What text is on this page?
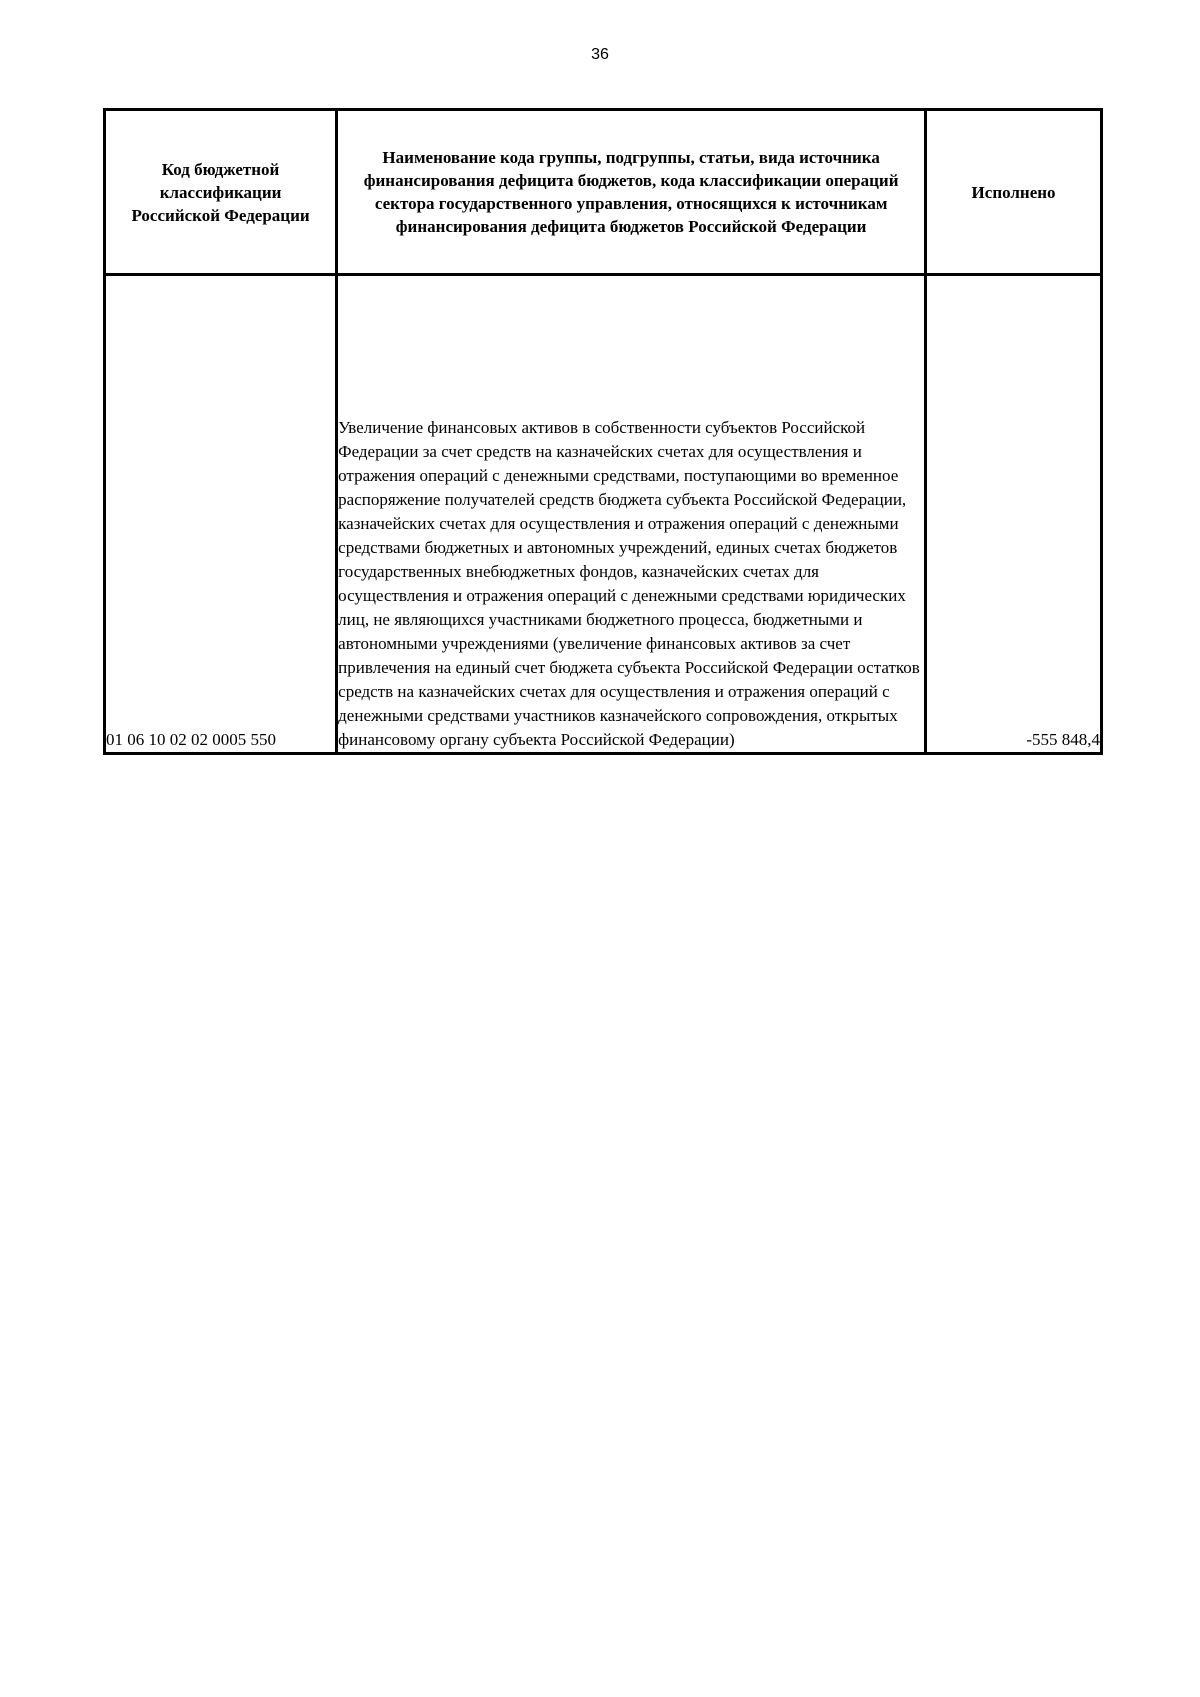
36
Код бюджетной классификации Российской Федерации	Наименование кода группы, подгруппы, статьи, вида источника финансирования дефицита бюджетов, кода классификации операций сектора государственного управления, относящихся к источникам финансирования дефицита бюджетов Российской Федерации	Исполнено

01 06 10 02 02 0005 550	Увеличение финансовых активов в собственности субъектов Российской Федерации за счет средств на казначейских счетах для осуществления и отражения операций с денежными средствами, поступающими во временное распоряжение получателей средств бюджета субъекта Российской Федерации, казначейских счетах для осуществления и отражения операций с денежными средствами бюджетных и автономных учреждений, единых счетах бюджетов государственных внебюджетных фондов, казначейских счетах для осуществления и отражения операций с денежными средствами юридических лиц, не являющихся участниками бюджетного процесса, бюджетными и автономными учреждениями (увеличение финансовых активов за счет привлечения на единый счет бюджета субъекта Российской Федерации остатков средств на казначейских счетах для осуществления и отражения операций с денежными средствами участников казначейского сопровождения, открытых финансовому органу субъекта Российской Федерации)	-555 848,4
